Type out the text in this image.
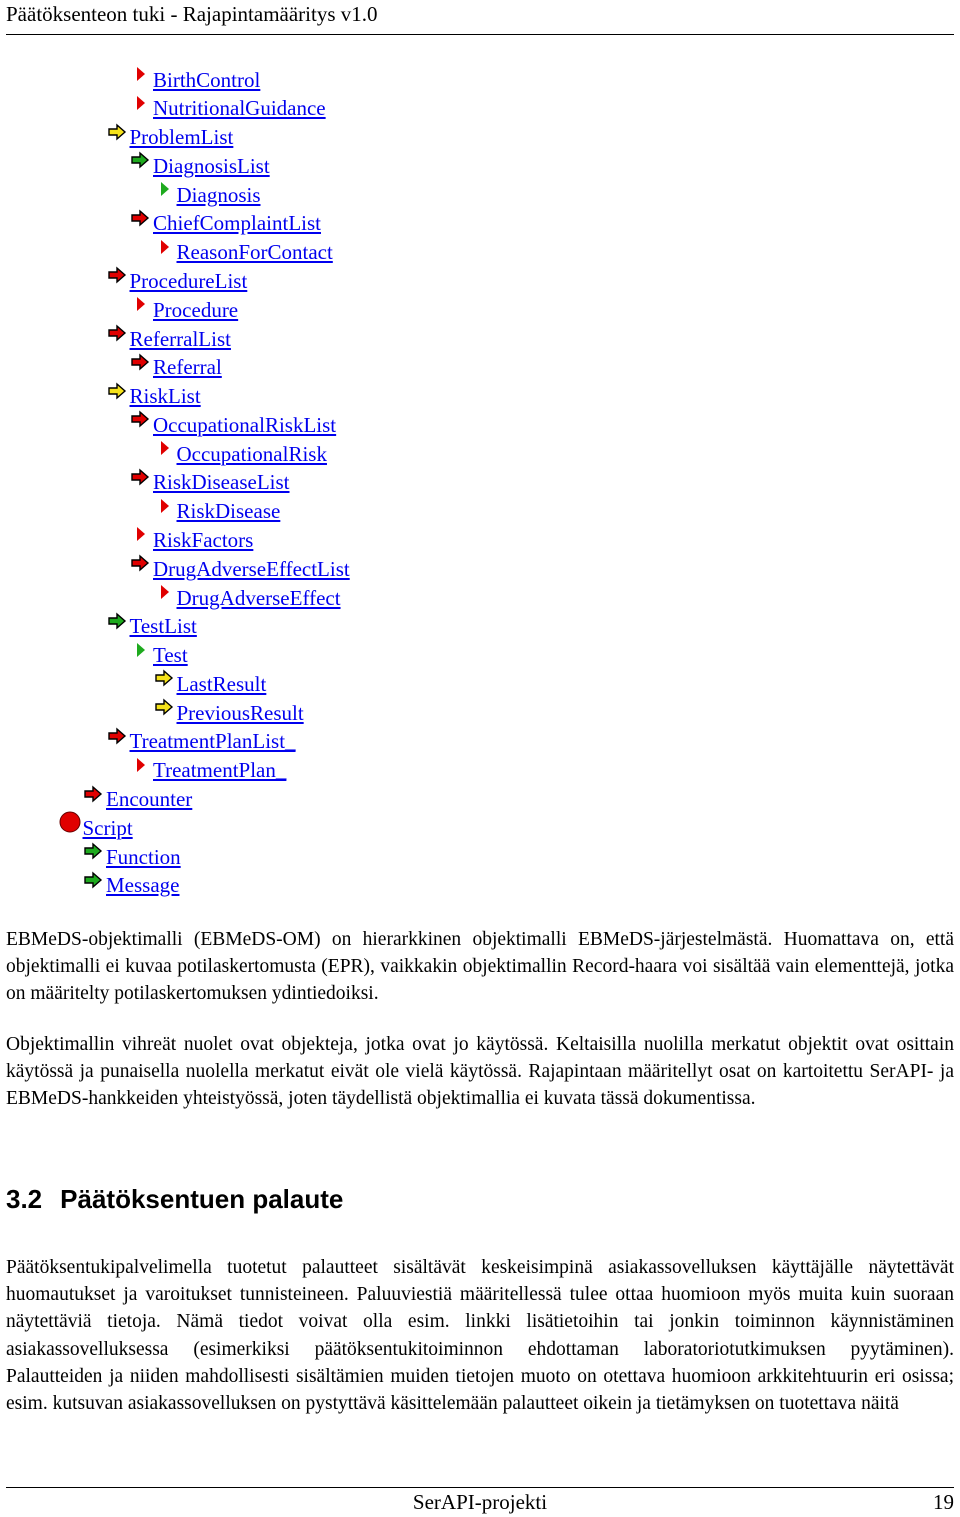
Päätöksenteon tuki - Rajapintamääritys v1.0
BirthControl
NutritionalGuidance
ProblemList
DiagnosisList
Diagnosis
ChiefComplaintList
ReasonForContact
ProcedureList
Procedure
ReferralList
Referral
RiskList
OccupationalRiskList
OccupationalRisk
RiskDiseaseList
RiskDisease
RiskFactors
DrugAdverseEffectList
DrugAdverseEffect
TestList
Test
LastResult
PreviousResult
TreatmentPlanList_
TreatmentPlan_
Encounter
Script
Function
Message
EBMeDS-objektimalli (EBMeDS-OM) on hierarkkinen objektimalli EBMeDS-järjestelmästä. Huomattava on, että objektimalli ei kuvaa potilaskertomusta (EPR), vaikkakin objektimallin Record-haara voi sisältää vain elementtejä, jotka on määritelty potilaskertomuksen ydintiedoiksi.
Objektimallin vihreät nuolet ovat objekteja, jotka ovat jo käytössä. Keltaisilla nuolilla merkatut objektit ovat osittain käytössä ja punaisella nuolella merkatut eivät ole vielä käytössä. Rajapintaan määritellyt osat on kartoitettu SerAPI- ja EBMeDS-hankkeiden yhteistyössä, joten täydellistä objektimallia ei kuvata tässä dokumentissa.
3.2 Päätöksentuen palaute
Päätöksentukipalvelimella tuotetut palautteet sisältävät keskeisimpinä asiakassovelluksen käyttäjälle näytettävät huomautukset ja varoitukset tunnisteineen. Paluuviestiä määritellessä tulee ottaa huomioon myös muita kuin suoraan näytettäviä tietoja. Nämä tiedot voivat olla esim. linkki lisätietoihin tai jonkin toiminnon käynnistäminen asiakassovelluksessa (esimerkiksi päätöksentukitoiminnon ehdottaman laboratoriotutkimuksen pyytäminen). Palautteiden ja niiden mahdollisesti sisältämien muiden tietojen muoto on otettava huomioon arkkitehtuurin eri osissa; esim. kutsuvan asiakassovelluksen on pystyttävä käsittelemään palautteet oikein ja tietämyksen on tuotettava näitä
SerAPI-projekti	19
